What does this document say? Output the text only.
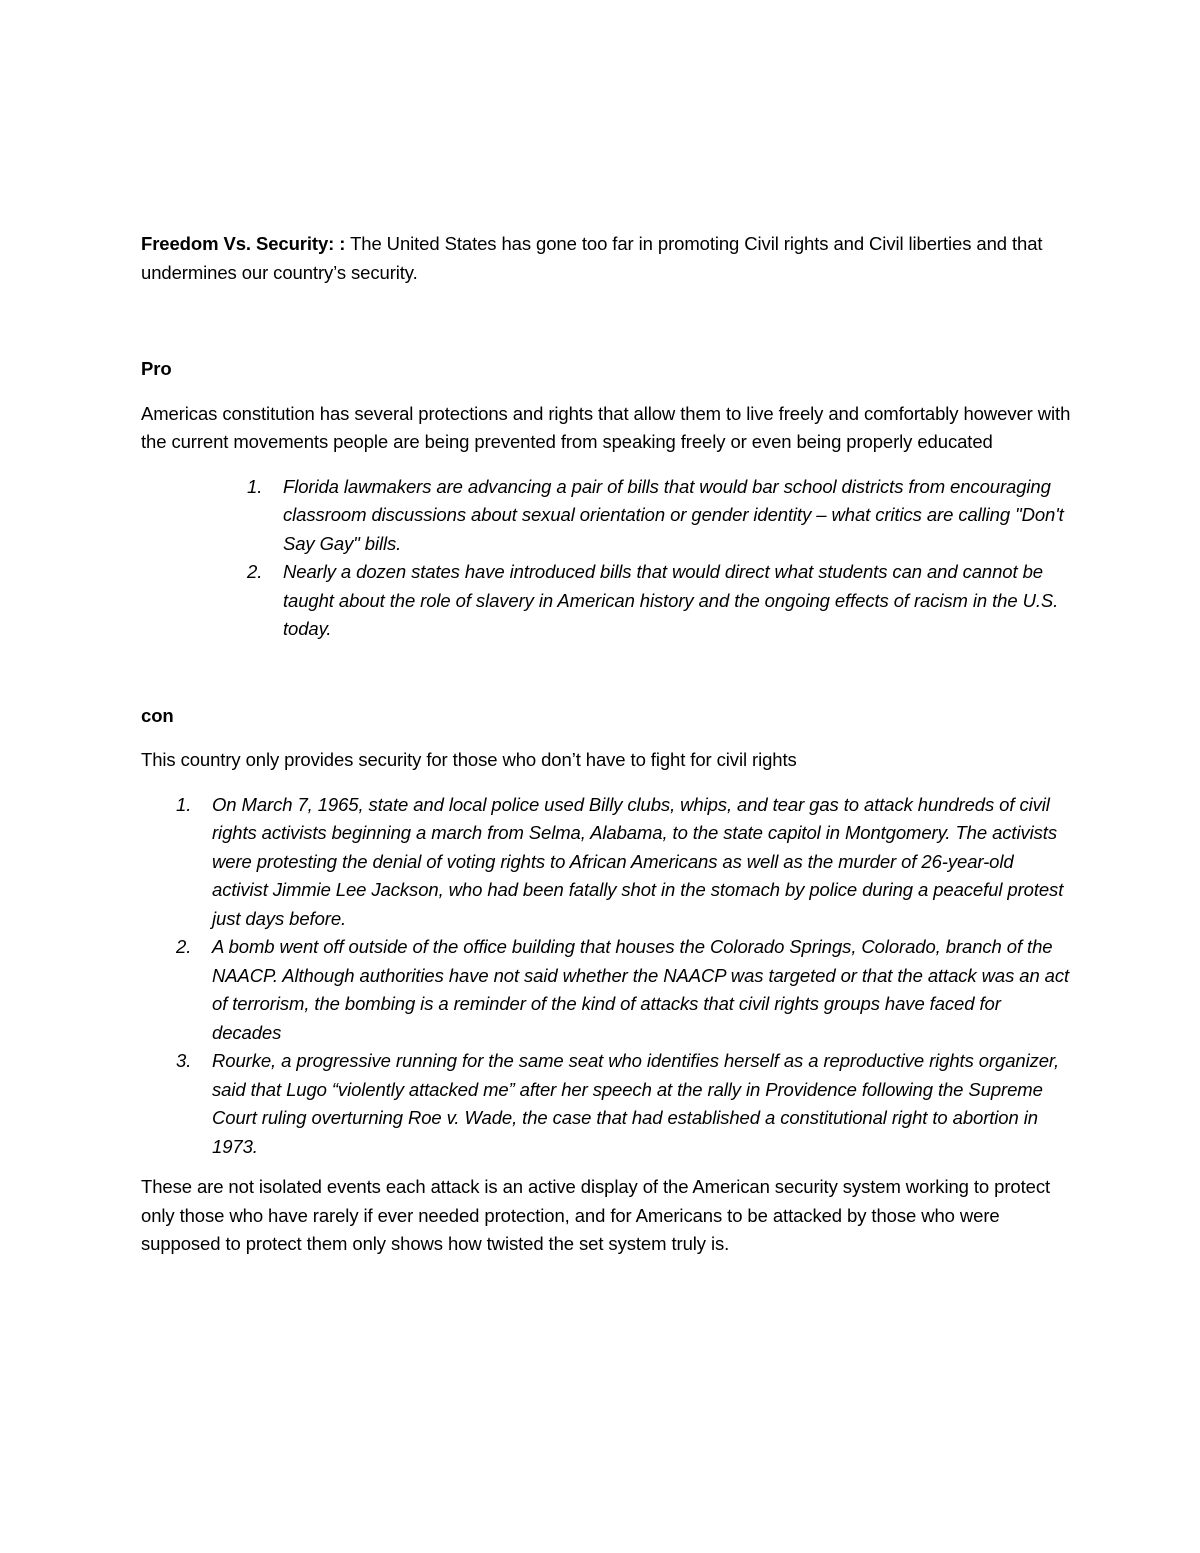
Freedom Vs. Security: : The United States has gone too far in promoting Civil rights and Civil liberties and that undermines our country’s security.

Pro

Americas constitution has several protections and rights that allow them to live freely and comfortably however with the current movements people are being prevented from speaking freely or even being properly educated

1.	Florida lawmakers are advancing a pair of bills that would bar school districts from encouraging classroom discussions about sexual orientation or gender identity – what critics are calling "Don't Say Gay" bills.
2.	Nearly a dozen states have introduced bills that would direct what students can and cannot be taught about the role of slavery in American history and the ongoing effects of racism in the U.S. today.

con

This country only provides security for those who don’t have to fight for civil rights

1.	On March 7, 1965, state and local police used Billy clubs, whips, and tear gas to attack hundreds of civil rights activists beginning a march from Selma, Alabama, to the state capitol in Montgomery. The activists were protesting the denial of voting rights to African Americans as well as the murder of 26-year-old activist Jimmie Lee Jackson, who had been fatally shot in the stomach by police during a peaceful protest just days before.
2.	A bomb went off outside of the office building that houses the Colorado Springs, Colorado, branch of the NAACP. Although authorities have not said whether the NAACP was targeted or that the attack was an act of terrorism, the bombing is a reminder of the kind of attacks that civil rights groups have faced for decades
3.	Rourke, a progressive running for the same seat who identifies herself as a reproductive rights organizer, said that Lugo “violently attacked me” after her speech at the rally in Providence following the Supreme Court ruling overturning Roe v. Wade, the case that had established a constitutional right to abortion in 1973.

These are not isolated events each attack is an active display of the American security system working to protect only those who have rarely if ever needed protection, and for Americans to be attacked by those who were supposed to protect them only shows how twisted the set system truly is.
